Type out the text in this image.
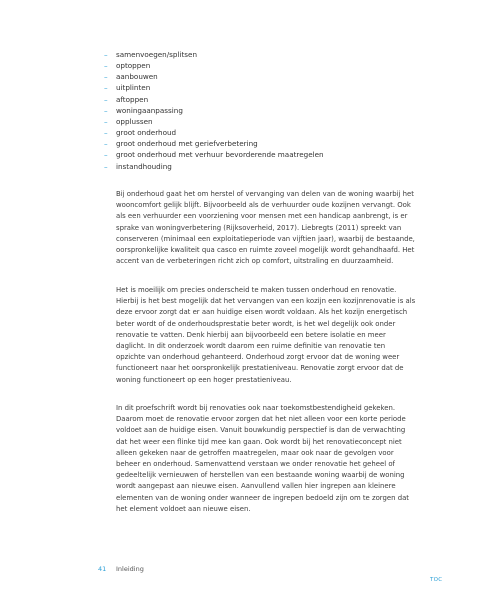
– samenvoegen/splitsen
– optoppen
– aanbouwen
– uitplinten
– aftoppen
– woningaanpassing
– opplussen
– groot onderhoud
– groot onderhoud met geriefverbetering
– groot onderhoud met verhuur bevorderende maatregelen
– instandhouding

Bij onderhoud gaat het om herstel of vervanging van delen van de woning waarbij het wooncomfort gelijk blijft. Bijvoorbeeld als de verhuurder oude kozijnen vervangt. Ook als een verhuurder een voorziening voor mensen met een handicap aanbrengt, is er sprake van woningverbetering (Rijksoverheid, 2017). Liebregts (2011) spreekt van conserveren (minimaal een exploitatieperiode van vijftien jaar), waarbij de bestaande, oorspronkelijke kwaliteit qua casco en ruimte zoveel mogelijk wordt gehandhaafd. Het accent van de verbeteringen richt zich op comfort, uitstraling en duurzaamheid.

Het is moeilijk om precies onderscheid te maken tussen onderhoud en renovatie. Hierbij is het best mogelijk dat het vervangen van een kozijn een kozijnrenovatie is als deze ervoor zorgt dat er aan huidige eisen wordt voldaan. Als het kozijn energetisch beter wordt of de onderhoudsprestatie beter wordt, is het wel degelijk ook onder renovatie te vatten. Denk hierbij aan bijvoorbeeld een betere isolatie en meer daglicht. In dit onderzoek wordt daarom een ruime definitie van renovatie ten opzichte van onderhoud gehanteerd. Onderhoud zorgt ervoor dat de woning weer functioneert naar het oorspronkelijk prestatieniveau. Renovatie zorgt ervoor dat de woning functioneert op een hoger prestatieniveau.

In dit proefschrift wordt bij renovaties ook naar toekomstbestendigheid gekeken. Daarom moet de renovatie ervoor zorgen dat het niet alleen voor een korte periode voldoet aan de huidige eisen. Vanuit bouwkundig perspectief is dan de verwachting dat het weer een flinke tijd mee kan gaan. Ook wordt bij het renovatieconcept niet alleen gekeken naar de getroffen maatregelen, maar ook naar de gevolgen voor beheer en onderhoud. Samenvattend verstaan we onder renovatie het geheel of gedeeltelijk vernieuwen of herstellen van een bestaande woning waarbij de woning wordt aangepast aan nieuwe eisen. Aanvullend vallen hier ingrepen aan kleinere elementen van de woning onder wanneer de ingrepen bedoeld zijn om te zorgen dat het element voldoet aan nieuwe eisen.

41 Inleiding
TOC
